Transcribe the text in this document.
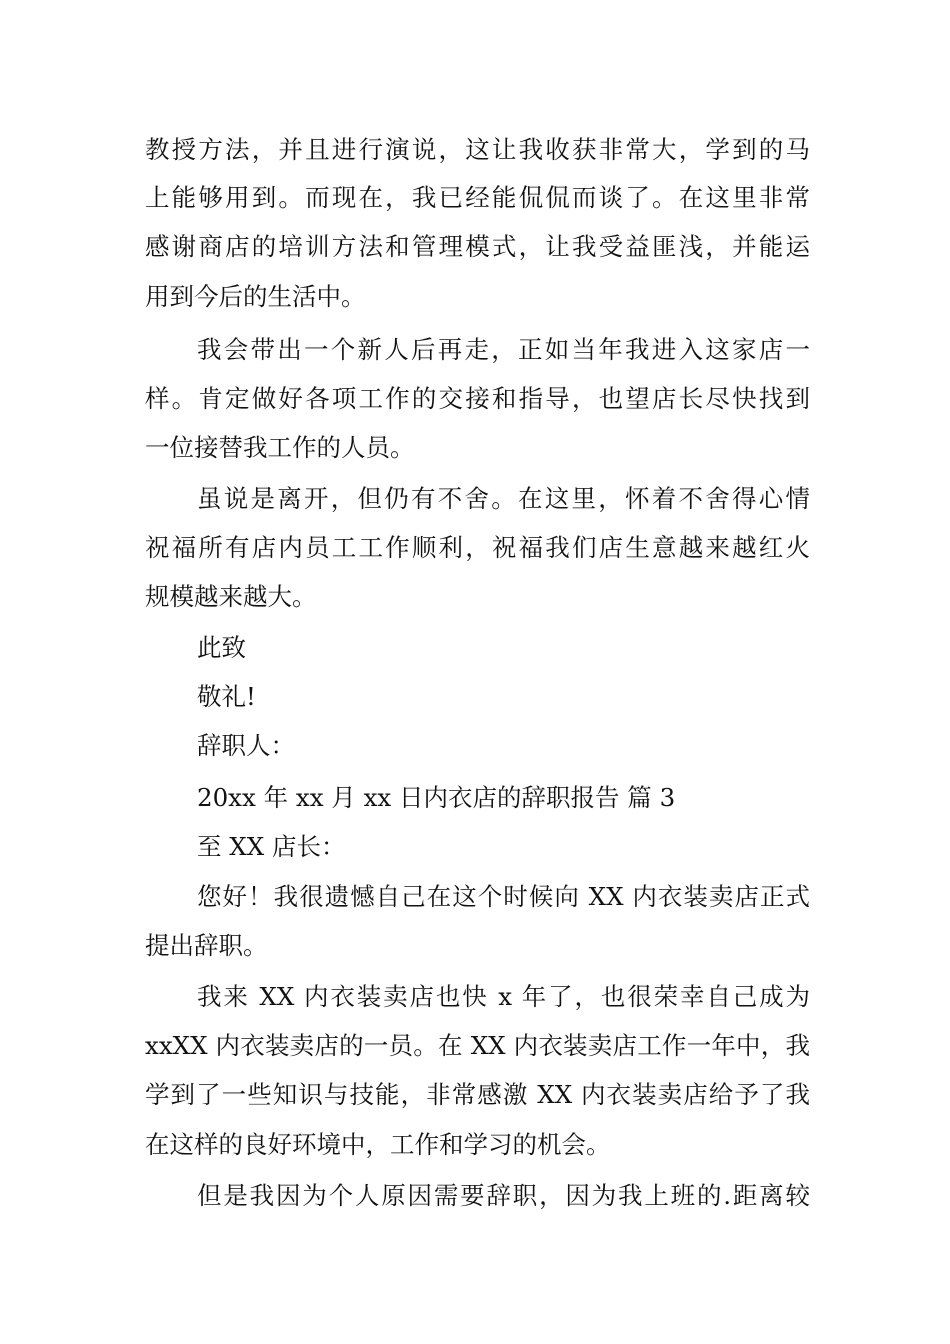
教授方法，并且进行演说，这让我收获非常大，学到的马
上能够用到。而现在，我已经能侃侃而谈了。在这里非常
感谢商店的培训方法和管理模式，让我受益匪浅，并能运
用到今后的生活中。
我会带出一个新人后再走，正如当年我进入这家店一
样。肯定做好各项工作的交接和指导，也望店长尽快找到
一位接替我工作的人员。
虽说是离开，但仍有不舍。在这里，怀着不舍得心情
祝福所有店内员工工作顺利，祝福我们店生意越来越红火
规模越来越大。
此致
敬礼!
辞职人：
20xx 年 xx 月 xx 日内衣店的辞职报告 篇 3
至 XX 店长：
您好！我很遗憾自己在这个时候向 XX 内衣装卖店正式
提出辞职。
我来 XX 内衣装卖店也快 x 年了，也很荣幸自己成为
xxXX 内衣装卖店的一员。在 XX 内衣装卖店工作一年中，我
学到了一些知识与技能，非常感激 XX 内衣装卖店给予了我
在这样的良好环境中，工作和学习的机会。
但是我因为个人原因需要辞职，因为我上班的.距离较
